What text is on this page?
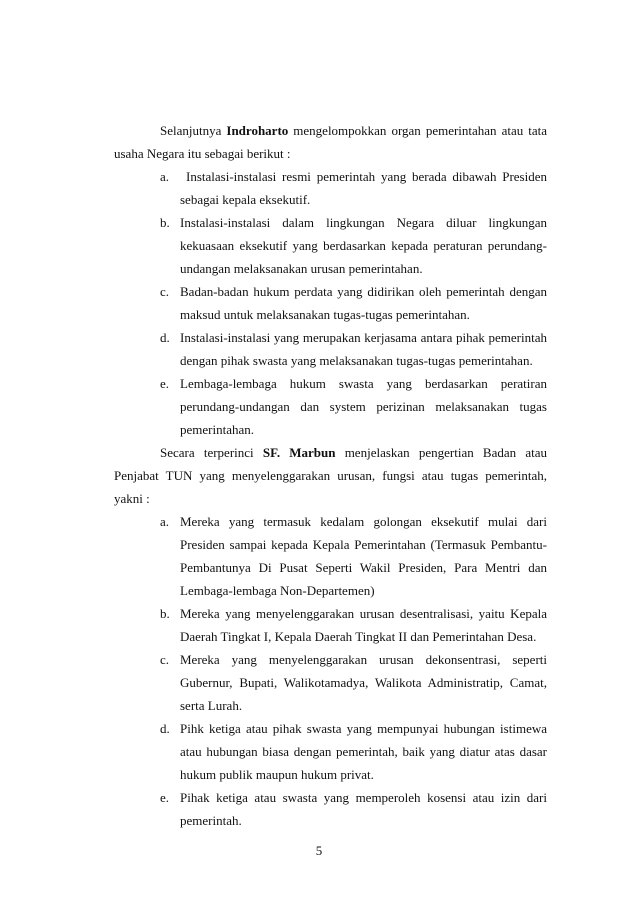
Selanjutnya Indroharto mengelompokkan organ pemerintahan atau tata
usaha Negara itu sebagai berikut :
a. Instalasi-instalasi resmi pemerintah yang berada dibawah Presiden
sebagai kepala eksekutif.
b. Instalasi-instalasi dalam lingkungan Negara diluar lingkungan
kekuasaan eksekutif yang berdasarkan kepada peraturan perundang-
undangan melaksanakan urusan pemerintahan.
c. Badan-badan hukum perdata yang didirikan oleh pemerintah dengan
maksud untuk melaksanakan tugas-tugas pemerintahan.
d. Instalasi-instalasi yang merupakan kerjasama antara pihak pemerintah
dengan pihak swasta yang melaksanakan tugas-tugas pemerintahan.
e. Lembaga-lembaga hukum swasta yang berdasarkan peratiran
perundang-undangan dan system perizinan melaksanakan tugas
pemerintahan.
Secara terperinci SF. Marbun menjelaskan pengertian Badan atau
Penjabat TUN yang menyelenggarakan urusan, fungsi atau tugas pemerintah,
yakni :
a. Mereka yang termasuk kedalam golongan eksekutif mulai dari
Presiden sampai kepada Kepala Pemerintahan (Termasuk Pembantu-
Pembantunya Di Pusat Seperti Wakil Presiden, Para Mentri dan
Lembaga-lembaga Non-Departemen)
b. Mereka yang menyelenggarakan urusan desentralisasi, yaitu Kepala
Daerah Tingkat I, Kepala Daerah Tingkat II dan Pemerintahan Desa.
c. Mereka yang menyelenggarakan urusan dekonsentrasi, seperti
Gubernur, Bupati, Walikotamadya, Walikota Administratip, Camat,
serta Lurah.
d. Pihk ketiga atau pihak swasta yang mempunyai hubungan istimewa
atau hubungan biasa dengan pemerintah, baik yang diatur atas dasar
hukum publik maupun hukum privat.
e. Pihak ketiga atau swasta yang memperoleh kosensi atau izin dari
pemerintah.
5
